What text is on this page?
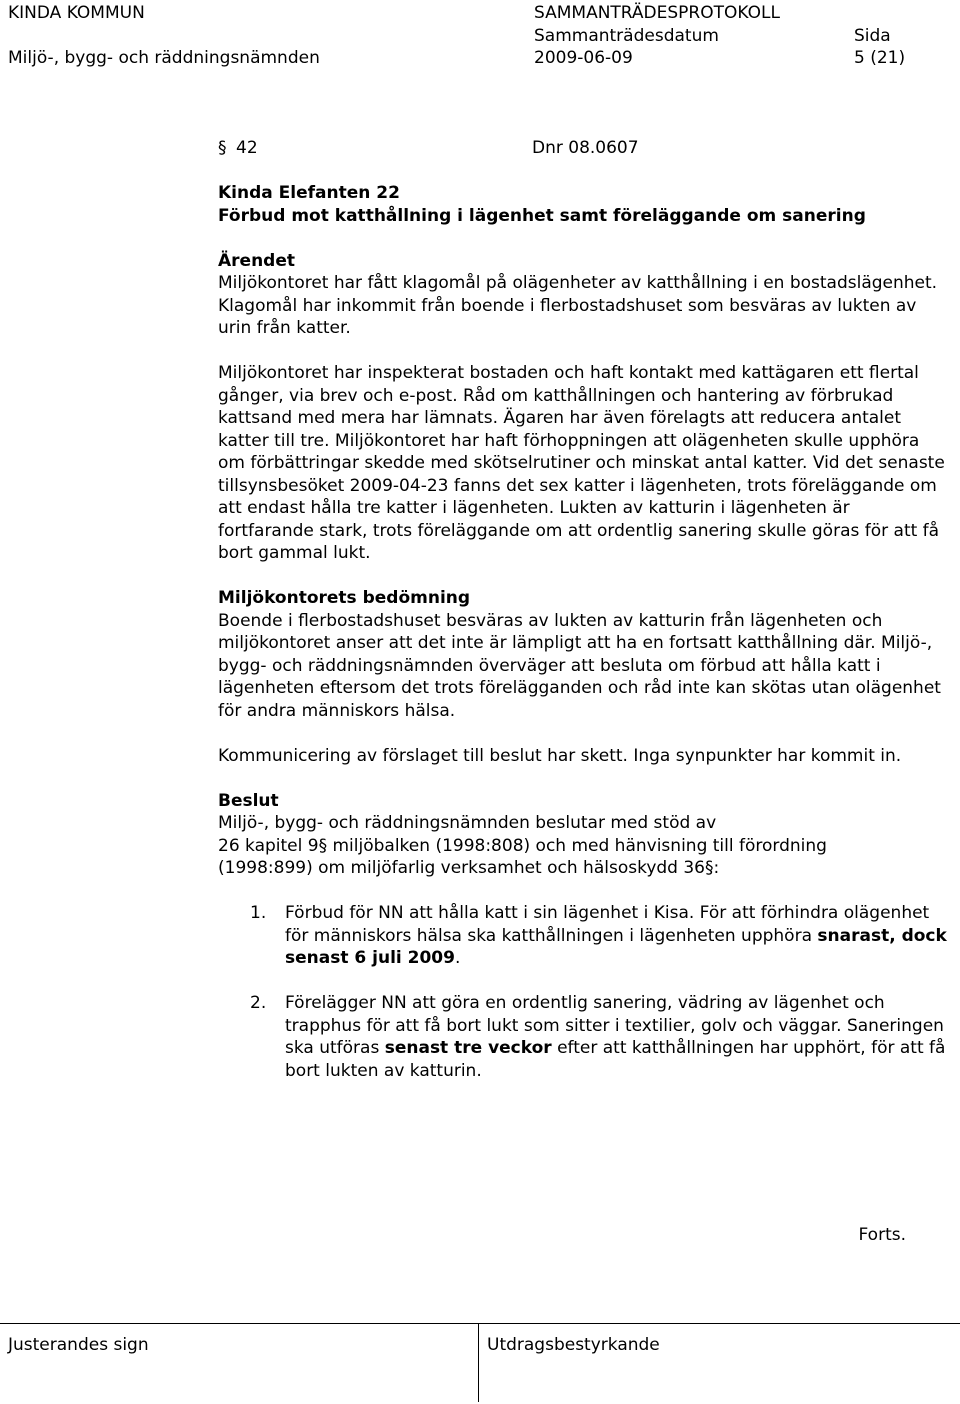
KINDA KOMMUN	SAMMANTRÄDESPROTOKOLL
Sammanträdesdatum	Sida
Miljö-, bygg- och räddningsnämnden	2009-06-09	5 (21)
§ 42	Dnr 08.0607

Kinda Elefanten 22

Förbud mot katthållning i lägenhet samt föreläggande om sanering

Ärendet

Miljökontoret har fått klagomål på olägenheter av katthållning i en bostadslägenhet. Klagomål har inkommit från boende i flerbostadshuset som besväras av lukten av urin från katter.

Miljökontoret har inspekterat bostaden och haft kontakt med kattägaren ett flertal gånger, via brev och e-post. Råd om katthållningen och hantering av förbrukad kattsand med mera har lämnats. Ägaren har även förelagts att reducera antalet katter till tre. Miljökontoret har haft förhoppningen att olägenheten skulle upphöra om förbättringar skedde med skötselrutiner och minskat antal katter. Vid det senaste tillsynsbesöket 2009-04-23 fanns det sex katter i lägenheten, trots föreläggande om att endast hålla tre katter i lägenheten. Lukten av katturin i lägenheten är fortfarande stark, trots föreläggande om att ordentlig sanering skulle göras för att få bort gammal lukt.

Miljökontorets bedömning

Boende i flerbostadshuset besväras av lukten av katturin från lägenheten och miljökontoret anser att det inte är lämpligt att ha en fortsatt katthållning där. Miljö-, bygg- och räddningsnämnden överväger att besluta om förbud att hålla katt i lägenheten eftersom det trots förelägganden och råd inte kan skötas utan olägenhet för andra människors hälsa.

Kommunicering av förslaget till beslut har skett. Inga synpunkter har kommit in.

Beslut

Miljö-, bygg- och räddningsnämnden beslutar med stöd av

26 kapitel 9§ miljöbalken (1998:808) och med hänvisning till förordning

(1998:899) om miljöfarlig verksamhet och hälsoskydd 36§:

1. Förbud för NN att hålla katt i sin lägenhet i Kisa. För att förhindra olägenhet för människors hälsa ska katthållningen i lägenheten upphöra snarast, dock senast 6 juli 2009.

2. Förelägger NN att göra en ordentlig sanering, vädring av lägenhet och trapphus för att få bort lukt som sitter i textilier, golv och väggar. Saneringen ska utföras senast tre veckor efter att katthållningen har upphört, för att få bort lukten av katturin.

Forts.
Justerandes sign	Utdragsbestyrkande
